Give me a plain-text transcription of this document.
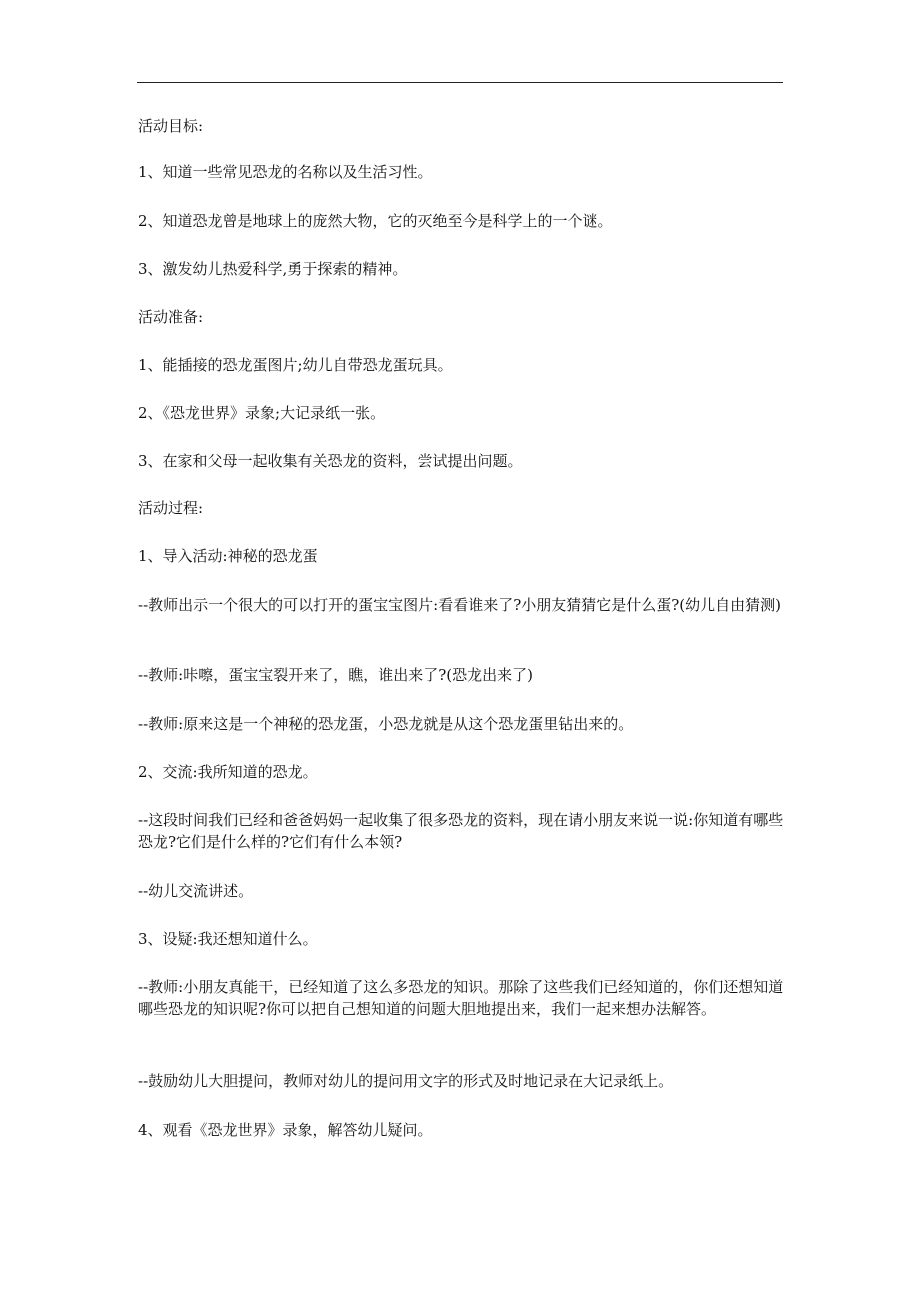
活动目标:

1、知道一些常见恐龙的名称以及生活习性。

2、知道恐龙曾是地球上的庞然大物，它的灭绝至今是科学上的一个谜。

3、激发幼儿热爱科学,勇于探索的精神。

活动准备:

1、能插接的恐龙蛋图片;幼儿自带恐龙蛋玩具。

2、《恐龙世界》录象;大记录纸一张。

3、在家和父母一起收集有关恐龙的资料，尝试提出问题。

活动过程:

1、导入活动:神秘的恐龙蛋

--教师出示一个很大的可以打开的蛋宝宝图片:看看谁来了?小朋友猜猜它是什么蛋?(幼儿自由猜测)

--教师:咔嚓，蛋宝宝裂开来了，瞧，谁出来了?(恐龙出来了)

--教师:原来这是一个神秘的恐龙蛋，小恐龙就是从这个恐龙蛋里钻出来的。

2、交流:我所知道的恐龙。

--这段时间我们已经和爸爸妈妈一起收集了很多恐龙的资料，现在请小朋友来说一说:你知道有哪些恐龙?它们是什么样的?它们有什么本领?

--幼儿交流讲述。

3、设疑:我还想知道什么。

--教师:小朋友真能干，已经知道了这么多恐龙的知识。那除了这些我们已经知道的，你们还想知道哪些恐龙的知识呢?你可以把自己想知道的问题大胆地提出来，我们一起来想办法解答。

--鼓励幼儿大胆提问，教师对幼儿的提问用文字的形式及时地记录在大记录纸上。

4、观看《恐龙世界》录象，解答幼儿疑问。
